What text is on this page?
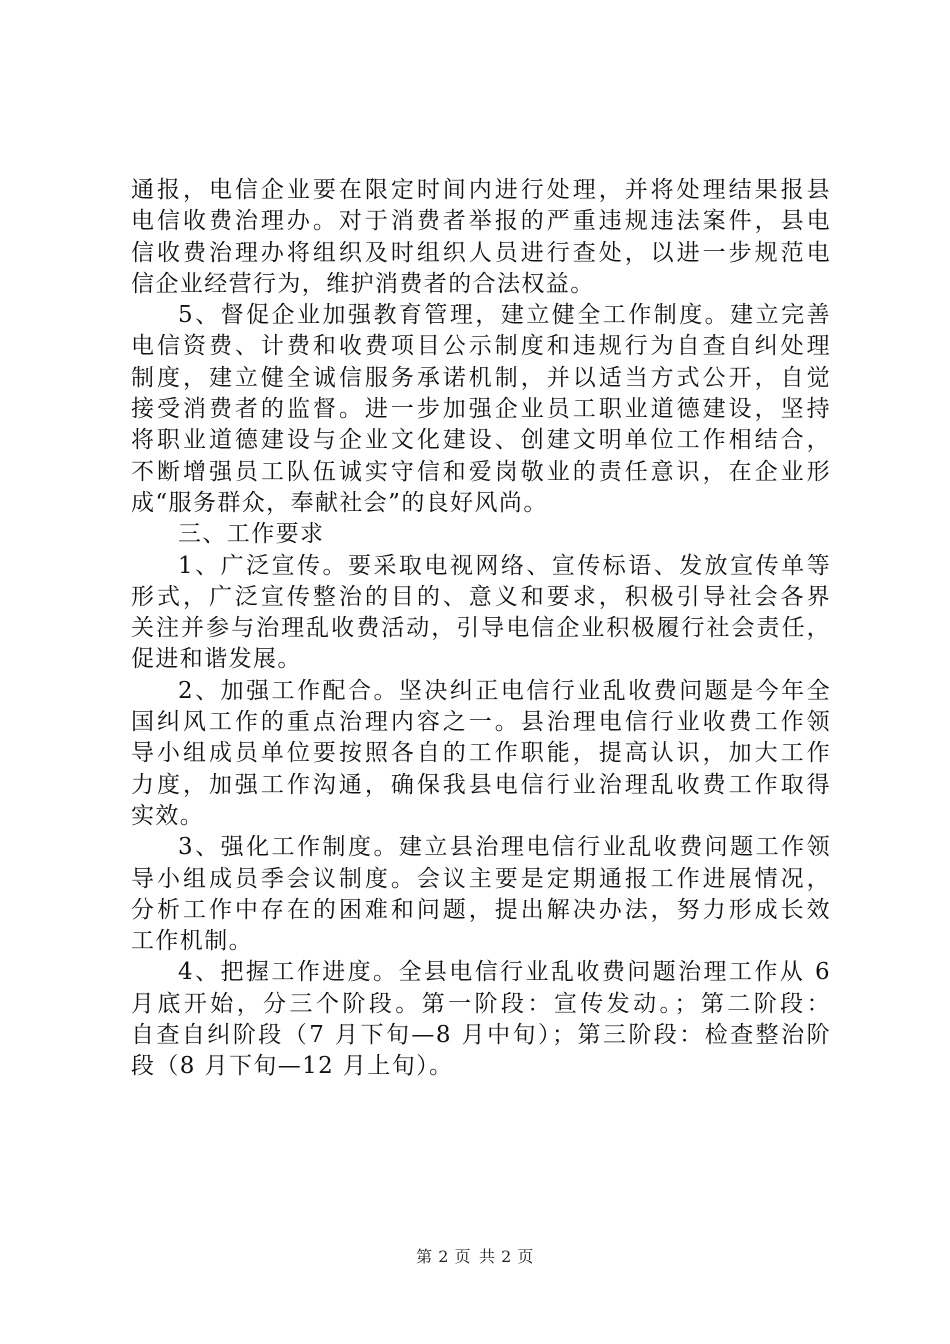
通报，电信企业要在限定时间内进行处理，并将处理结果报县
电信收费治理办。对于消费者举报的严重违规违法案件，县电
信收费治理办将组织及时组织人员进行查处，以进一步规范电
信企业经营行为，维护消费者的合法权益。
5、督促企业加强教育管理，建立健全工作制度。建立完善
电信资费、计费和收费项目公示制度和违规行为自查自纠处理
制度，建立健全诚信服务承诺机制，并以适当方式公开，自觉
接受消费者的监督。进一步加强企业员工职业道德建设，坚持
将职业道德建设与企业文化建设、创建文明单位工作相结合，
不断增强员工队伍诚实守信和爱岗敬业的责任意识，在企业形
成“服务群众，奉献社会”的良好风尚。
三、工作要求
1、广泛宣传。要采取电视网络、宣传标语、发放宣传单等
形式，广泛宣传整治的目的、意义和要求，积极引导社会各界
关注并参与治理乱收费活动，引导电信企业积极履行社会责任，
促进和谐发展。
2、加强工作配合。坚决纠正电信行业乱收费问题是今年全
国纠风工作的重点治理内容之一。县治理电信行业收费工作领
导小组成员单位要按照各自的工作职能，提高认识，加大工作
力度，加强工作沟通，确保我县电信行业治理乱收费工作取得
实效。
3、强化工作制度。建立县治理电信行业乱收费问题工作领
导小组成员季会议制度。会议主要是定期通报工作进展情况，
分析工作中存在的困难和问题，提出解决办法，努力形成长效
工作机制。
4、把握工作进度。全县电信行业乱收费问题治理工作从 6
月底开始，分三个阶段。第一阶段：宣传发动。；第二阶段：
自查自纠阶段（7 月下旬—8 月中旬）；第三阶段：检查整治阶
段（8 月下旬—12 月上旬）。
第 2 页 共 2 页
